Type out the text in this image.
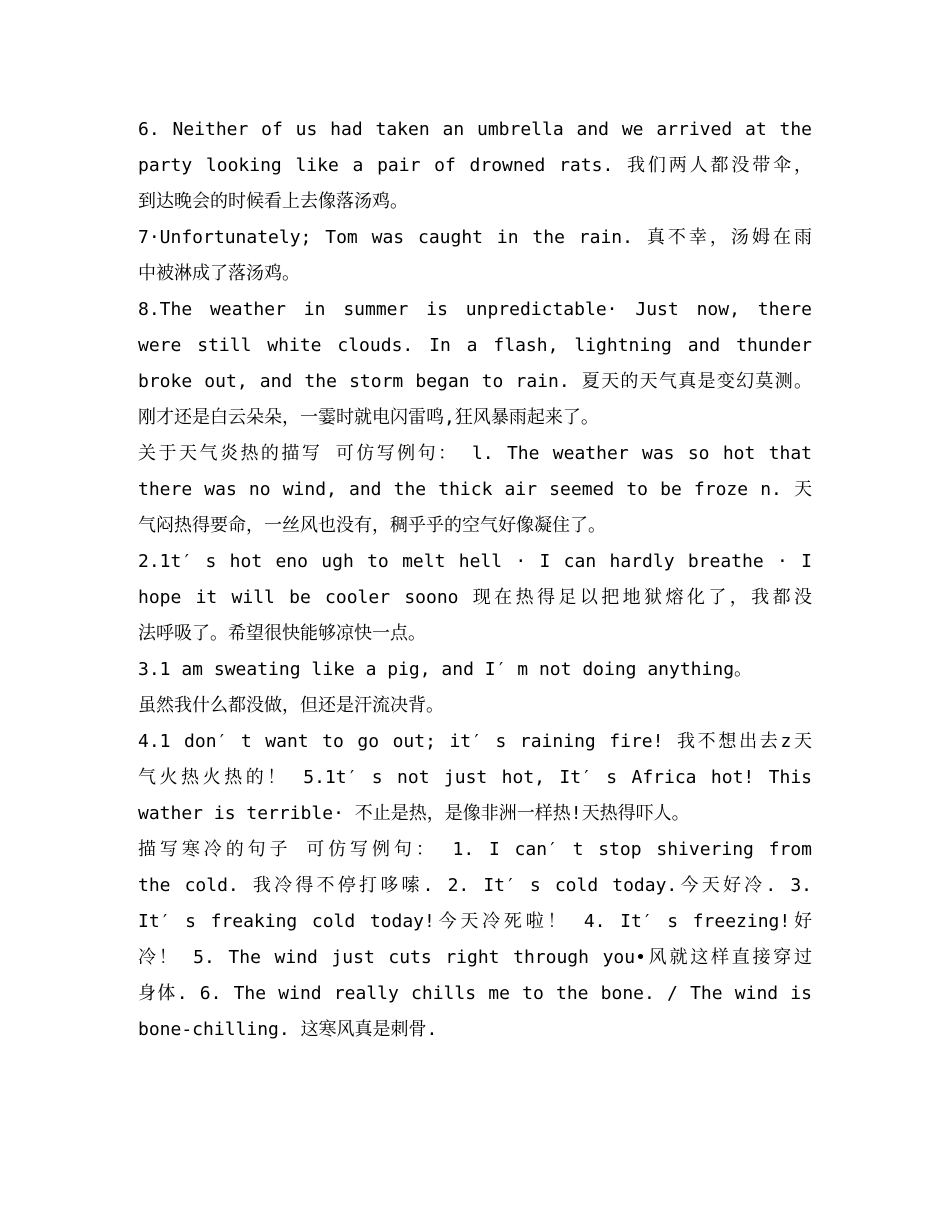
6. Neither of us had taken an umbrella and we arrived at the
party looking like a pair of drowned rats. 我们两人都没带伞，
到达晚会的时候看上去像落汤鸡。
7·Unfortunately; Tom was caught in the rain. 真不幸，汤姆在雨
中被淋成了落汤鸡。
8.The weather in summer is unpredictable· Just now, there
were still white clouds. In a flash, lightning and thunder
broke out, and the storm began to rain. 夏天的天气真是变幻莫测。
刚才还是白云朵朵，一霎时就电闪雷鸣,狂风暴雨起来了。
关于天气炎热的描写 可仿写例句： l. The weather was so hot that
there was no wind, and the thick air seemed to be froze n. 天
气闷热得要命，一丝风也没有，稠乎乎的空气好像凝住了。
2.1t′ s hot eno ugh to melt hell · I can hardly breathe · I
hope it will be cooler soono 现在热得足以把地狱熔化了，我都没
法呼吸了。希望很快能够凉快一点。
3.1 am sweating like a pig, and I′ m not doing anything。
虽然我什么都没做，但还是汗流决背。
4.1 don′ t want to go out; it′ s raining fire! 我不想出去z天
气火热火热的！ 5.1t′ s not just hot, It′ s Africa hot! This
wather is terrible· 不止是热，是像非洲一样热!天热得吓人。
描写寒冷的句子 可仿写例句： 1. I can′ t stop shivering from
the cold. 我冷得不停打哆嗦. 2. It′ s cold today.今天好冷. 3.
It′ s freaking cold today!今天冷死啦！ 4. It′ s freezing!好
冷！ 5. The wind just cuts right through you•风就这样直接穿过
身体. 6. The wind really chills me to the bone. / The wind is
bone-chilling. 这寒风真是刺骨.
